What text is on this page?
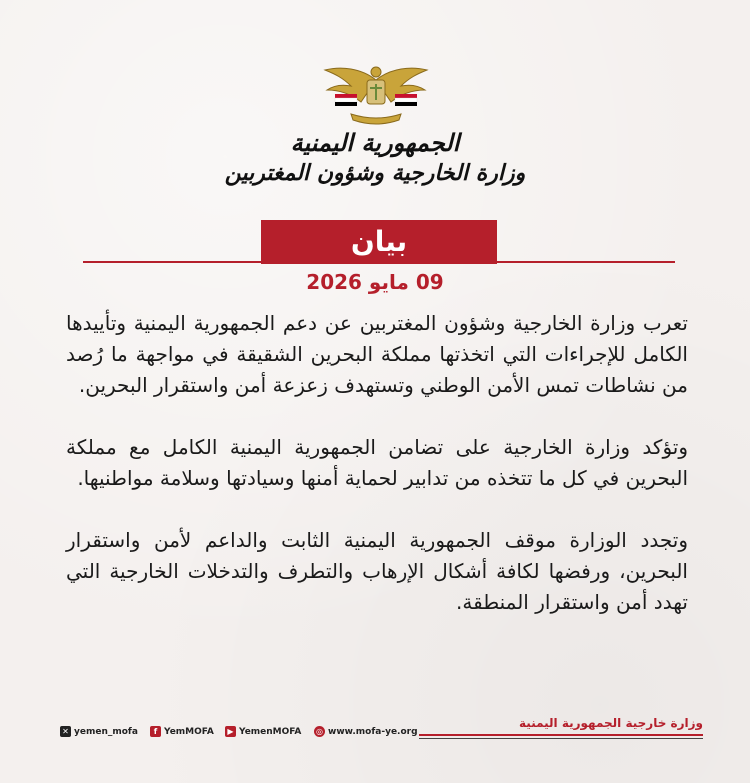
الجمهورية اليمنية
وزارة الخارجية وشؤون المغتربين
بيان
09 مايو 2026

تعرب وزارة الخارجية وشؤون المغتربين عن دعم الجمهورية اليمنية وتأييدها الكامل للإجراءات التي اتخذتها مملكة البحرين الشقيقة في مواجهة ما رُصد من نشاطات تمس الأمن الوطني وتستهدف زعزعة أمن واستقرار البحرين.

وتؤكد وزارة الخارجية على تضامن الجمهورية اليمنية الكامل مع مملكة البحرين في كل ما تتخذه من تدابير لحماية أمنها وسيادتها وسلامة مواطنيها.

وتجدد الوزارة موقف الجمهورية اليمنية الثابت والداعم لأمن واستقرار البحرين، ورفضها لكافة أشكال الإرهاب والتطرف والتدخلات الخارجية التي تهدد أمن واستقرار المنطقة.

✕ yemen_mofa	f YemMOFA	▶ YemenMOFA ◎ www.mofa-ye.org
وزارة خارجية الجمهورية اليمنية
